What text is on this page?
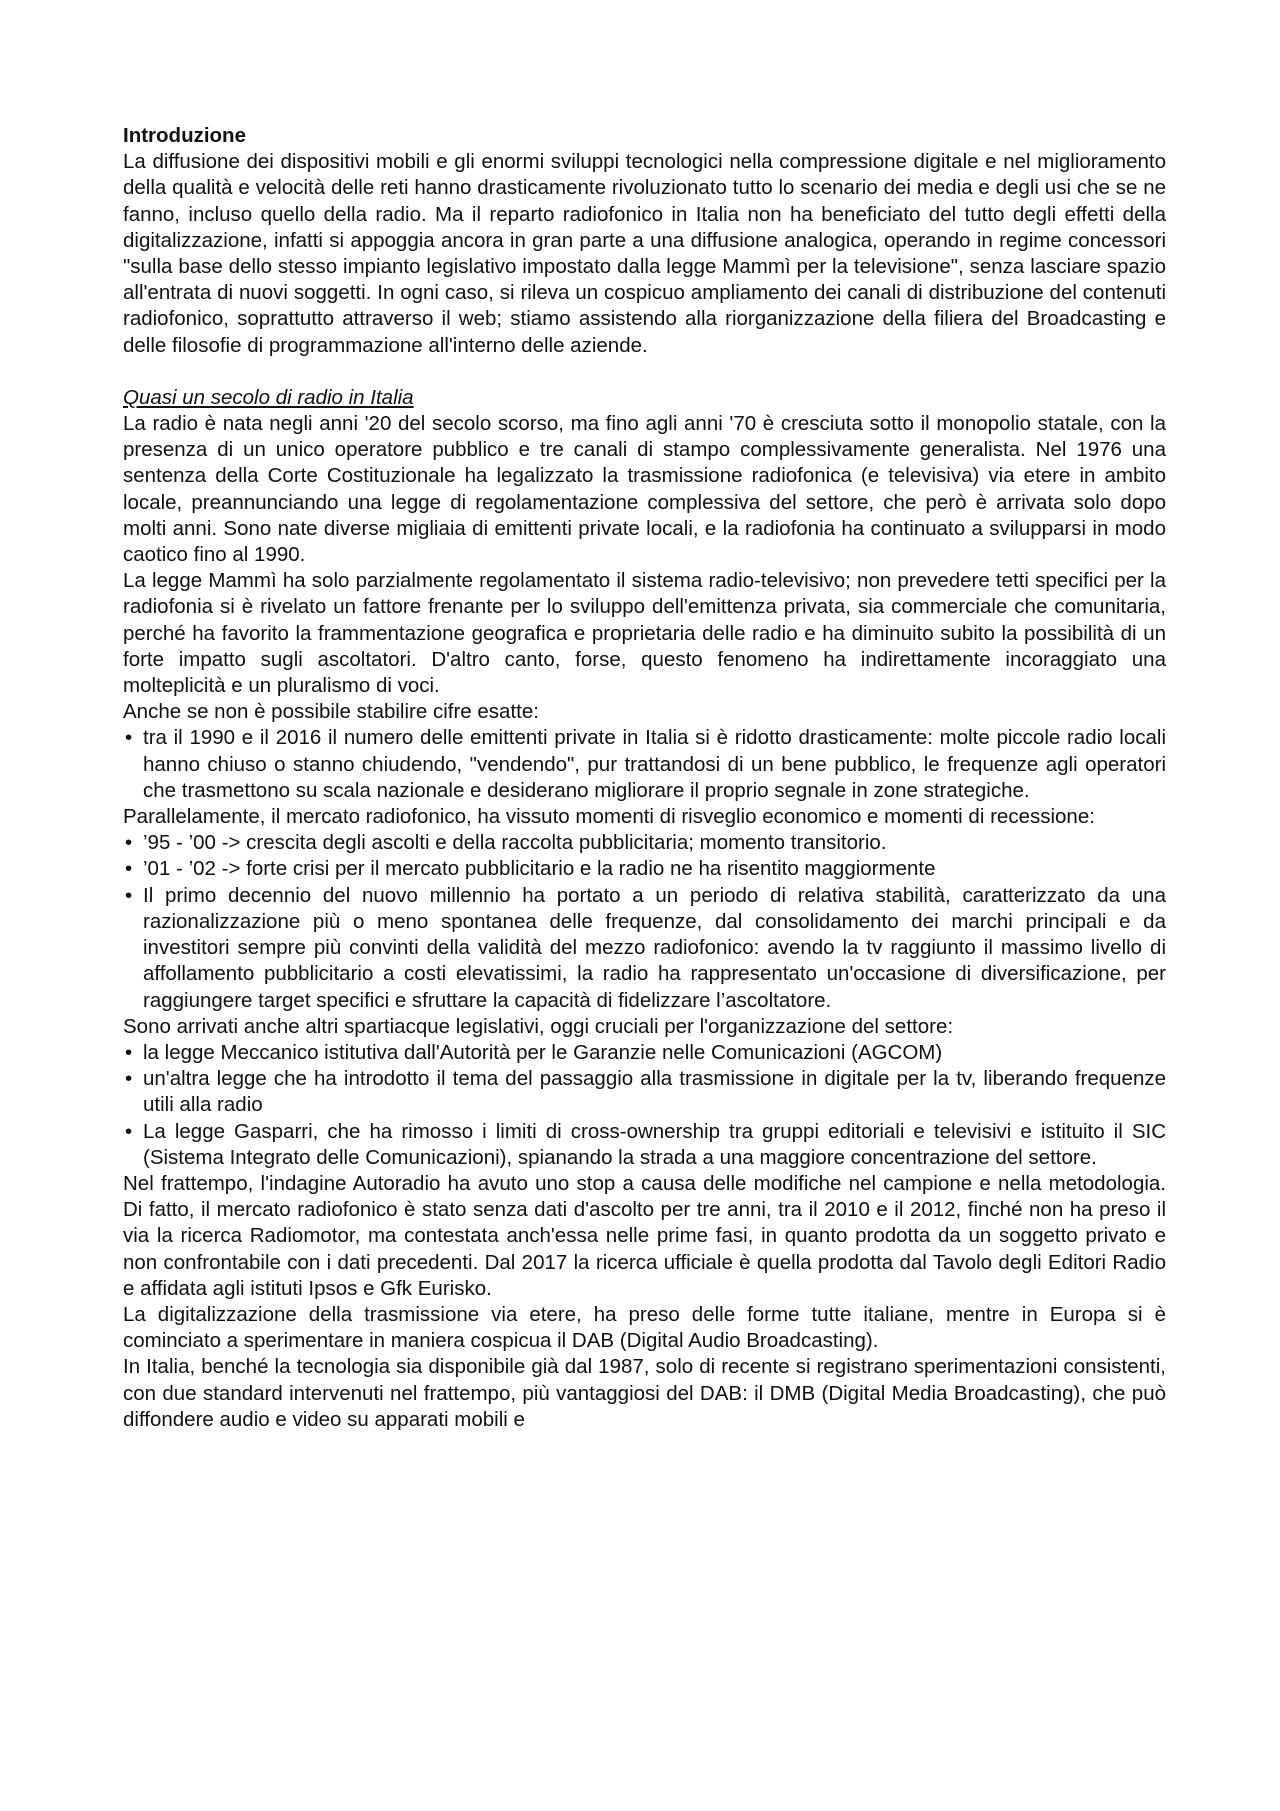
Introduzione

La diffusione dei dispositivi mobili e gli enormi sviluppi tecnologici nella compressione digitale e nel miglioramento della qualità e velocità delle reti hanno drasticamente rivoluzionato tutto lo scenario dei media e degli usi che se ne fanno, incluso quello della radio. Ma il reparto radiofonico in Italia non ha beneficiato del tutto degli effetti della digitalizzazione, infatti si appoggia ancora in gran parte a una diffusione analogica, operando in regime concessori "sulla base dello stesso impianto legislativo impostato dalla legge Mammì per la televisione", senza lasciare spazio all'entrata di nuovi soggetti. In ogni caso, si rileva un cospicuo ampliamento dei canali di distribuzione del contenuti radiofonico, soprattutto attraverso il web; stiamo assistendo alla riorganizzazione della filiera del Broadcasting e delle filosofie di programmazione all'interno delle aziende.

Quasi un secolo di radio in Italia

La radio è nata negli anni '20 del secolo scorso, ma fino agli anni '70 è cresciuta sotto il monopolio statale, con la presenza di un unico operatore pubblico e tre canali di stampo complessivamente generalista. Nel 1976 una sentenza della Corte Costituzionale ha legalizzato la trasmissione radiofonica (e televisiva) via etere in ambito locale, preannunciando una legge di regolamentazione complessiva del settore, che però è arrivata solo dopo molti anni. Sono nate diverse migliaia di emittenti private locali, e la radiofonia ha continuato a svilupparsi in modo caotico fino al 1990.

La legge Mammì ha solo parzialmente regolamentato il sistema radio-televisivo; non prevedere tetti specifici per la radiofonia si è rivelato un fattore frenante per lo sviluppo dell'emittenza privata, sia commerciale che comunitaria, perché ha favorito la frammentazione geografica e proprietaria delle radio e ha diminuito subito la possibilità di un forte impatto sugli ascoltatori. D'altro canto, forse, questo fenomeno ha indirettamente incoraggiato una molteplicità e un pluralismo di voci.

Anche se non è possibile stabilire cifre esatte:

• tra il 1990 e il 2016 il numero delle emittenti private in Italia si è ridotto drasticamente: molte piccole radio locali hanno chiuso o stanno chiudendo, "vendendo", pur trattandosi di un bene pubblico, le frequenze agli operatori che trasmettono su scala nazionale e desiderano migliorare il proprio segnale in zone strategiche.

Parallelamente, il mercato radiofonico, ha vissuto momenti di risveglio economico e momenti di recessione:

• ’95 - ’00 -> crescita degli ascolti e della raccolta pubblicitaria; momento transitorio.
• ’01 - ’02 -> forte crisi per il mercato pubblicitario e la radio ne ha risentito maggiormente
• Il primo decennio del nuovo millennio ha portato a un periodo di relativa stabilità, caratterizzato da una razionalizzazione più o meno spontanea delle frequenze, dal consolidamento dei marchi principali e da investitori sempre più convinti della validità del mezzo radiofonico: avendo la tv raggiunto il massimo livello di affollamento pubblicitario a costi elevatissimi, la radio ha rappresentato un'occasione di diversificazione, per raggiungere target specifici e sfruttare la capacità di fidelizzare l’ascoltatore.

Sono arrivati anche altri spartiacque legislativi, oggi cruciali per l'organizzazione del settore:

• la legge Meccanico istitutiva dall'Autorità per le Garanzie nelle Comunicazioni (AGCOM)
• un'altra legge che ha introdotto il tema del passaggio alla trasmissione in digitale per la tv, liberando frequenze utili alla radio
• La legge Gasparri, che ha rimosso i limiti di cross-ownership tra gruppi editoriali e televisivi e istituito il SIC (Sistema Integrato delle Comunicazioni), spianando la strada a una maggiore concentrazione del settore.

Nel frattempo, l'indagine Autoradio ha avuto uno stop a causa delle modifiche nel campione e nella metodologia. Di fatto, il mercato radiofonico è stato senza dati d'ascolto per tre anni, tra il 2010 e il 2012, finché non ha preso il via la ricerca Radiomotor, ma contestata anch'essa nelle prime fasi, in quanto prodotta da un soggetto privato e non confrontabile con i dati precedenti. Dal 2017 la ricerca ufficiale è quella prodotta dal Tavolo degli Editori Radio e affidata agli istituti Ipsos e Gfk Eurisko.

La digitalizzazione della trasmissione via etere, ha preso delle forme tutte italiane, mentre in Europa si è cominciato a sperimentare in maniera cospicua il DAB (Digital Audio Broadcasting).

In Italia, benché la tecnologia sia disponibile già dal 1987, solo di recente si registrano sperimentazioni consistenti, con due standard intervenuti nel frattempo, più vantaggiosi del DAB: il DMB (Digital Media Broadcasting), che può diffondere audio e video su apparati mobili e
